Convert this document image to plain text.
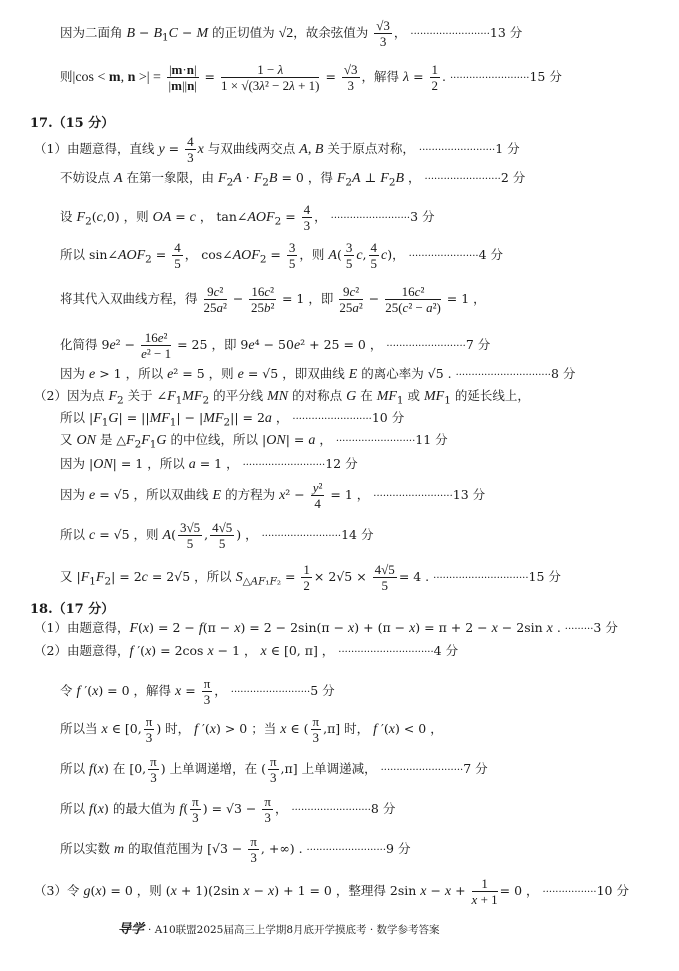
因为二面角 $B - B_1C - M$ 的正切值为 √2，故余弦值为 $\frac{√3}{3}$ ， ·························13 分
则|cos < m, n >| = $\frac{|m\cdot n|}{|m||n|} = \frac{1 - \lambda}{\text{1 × √(3λ² − 2λ + 1)}} = \frac{√3}{3}$ ，解得 $\lambda = \frac{1}{2}$ . ·························15 分
17.（15 分）
（1）由题意得，直线 $y = \frac{4}{3}$ x 与双曲线两交点 A, B 关于原点对称， ························1 分
不妨设点 A 在第一象限，由 $F_2A \cdot F_2B = 0$ ，得 $F_2A$ ⊥ $F_2B$ ， ························2 分
设 $F_2(c,0)$ ，则 OA = c ， $\tan\angle AOF_2 = \frac{4}{3}$ ， ·························3 分
所以 $\sin\angle AOF_2 = \frac{4}{5}$ ， $\cos\angle AOF_2 = \frac{3}{5}$ ，则 $A( \frac{3}{5} c$, $\frac{4}{5} c$)， ······················4 分
将其代入双曲线方程，得 $\frac{\text{9c²}}{\text{25a²}} - \frac{\text{16c²}}{\text{25b²}} = 1$ ，即 $\frac{\text{9c²}}{\text{25a²}} - \frac{\text{16c²}}{\text{25(c² − a²)}} = 1$ ，
化简得 $9e^2 - \frac{\text{16e²}}{\text{e² − 1}} = 25$ ，即 9e⁴ − 50e² + 25 = 0 ， ·························7 分
因为 e > 1 ，所以 e² = 5 ，则 e = √5 ，即双曲线 E 的离心率为 √5 . ······························8 分
（2）因为点 $F_2$ 关于 $\angle F_1MF_2$ 的平分线 MN 的对称点 G 在 $MF_1$ 或 $MF_1$ 的延长线上，
所以 $|F_1G| = ||MF_1| - |MF_2|| = 2a$ ， ·························10 分
又 ON 是 $\triangle F_2F_1G$ 的中位线，所以 |ON| = a ， ·························11 分
因为 |ON| = 1 ，所以 a = 1 ， ··························12 分
因为 e = √5 ，所以双曲线 E 的方程为 $x^2 - \frac{\text{y²}}{4} = 1$ ， ·························13 分
所以 c = √5 ，则 $A( \frac{3√5}{5}$ , $\frac{4√5}{5}$ ) ， ·························14 分
又 $|F_1F_2| = 2c = 2√5$ ，所以 $S_{\triangle AF_1F_2} = \frac{1}{2} \times 2√5 \times \frac{4√5}{5} = 4$ . ······························15 分
18.（17 分）
（1）由题意得，F(x) = 2 − f(π − x) = 2 − 2sin(π − x) + (π − x) = π + 2 − x − 2sin x . ·········3 分
（2）由题意得，f ′(x) = 2cos x − 1 ， x ∈ [0, π] ， ······························4 分
令 f ′(x) = 0 ，解得 $x = \frac{\pi}{3}$ ， ·························5 分
所以当 x ∈ [0, $\frac{\pi}{3}$ ) 时， f ′(x) > 0 ；当 x ∈ ( $\frac{\pi}{3} ,\pi$] 时， f ′(x) < 0 ，
所以 f(x) 在 [0, $\frac{\pi}{3}$ ) 上单调递增，在 ( $\frac{\pi}{3} ,\pi$] 上单调递减， ··························7 分
所以 f(x) 的最大值为 $f( \frac{\pi}{3}$ ) = $√3 - \frac{\pi}{3}$ ， ·························8 分
所以实数 m 的取值范围为 [$√3 - \frac{\pi}{3}$ , +∞) . ·························9 分
（3）令 g(x) = 0 ，则 (x + 1)(2sin x − x) + 1 = 0 ，整理得 2sin $x - x + \frac{1}{x + 1} = 0$ ， ·················10 分
导学 · A10联盟2025届高三上学期8月底开学摸底考 · 数学参考答案
